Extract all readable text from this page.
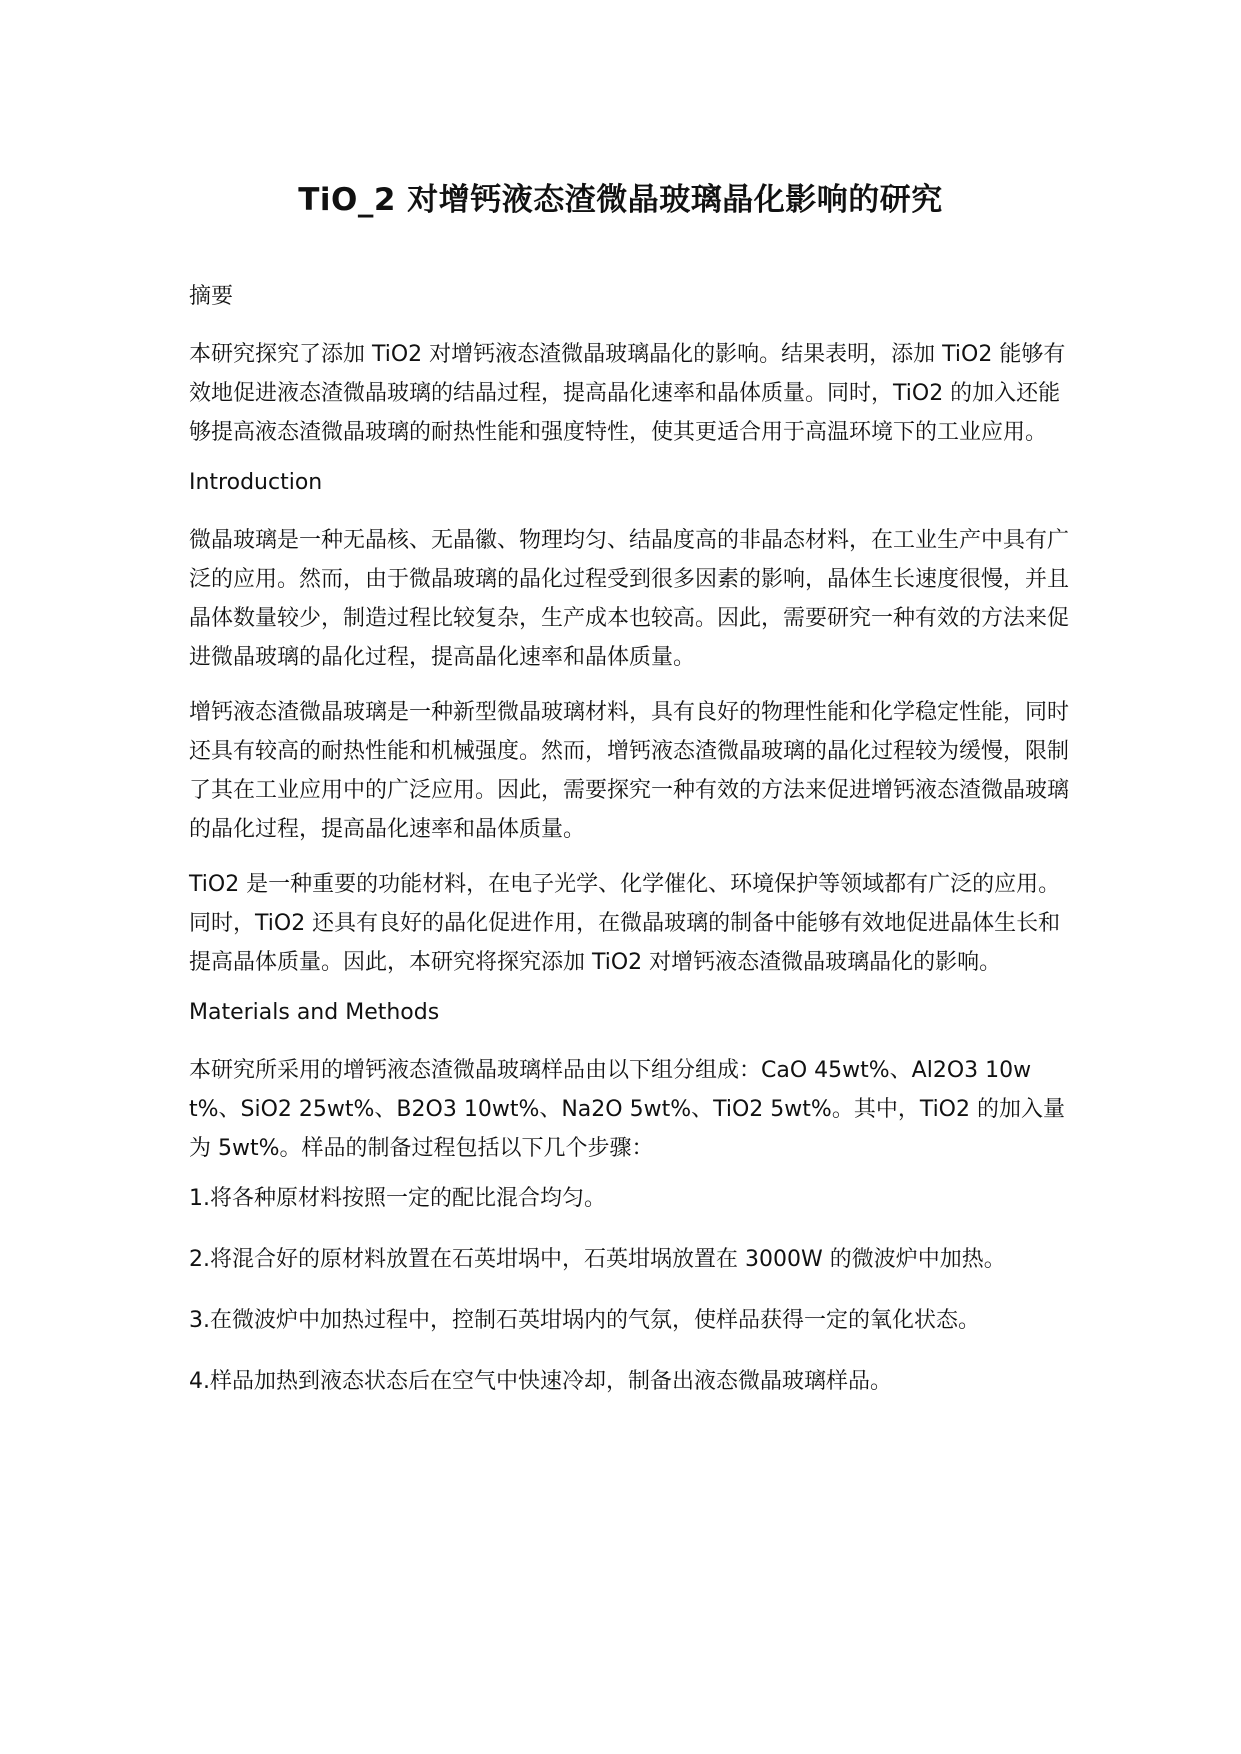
TiO_2 对增钙液态渣微晶玻璃晶化影响的研究
摘要

本研究探究了添加 TiO2 对增钙液态渣微晶玻璃晶化的影响。结果表明，添加 TiO2 能够有效地促进液态渣微晶玻璃的结晶过程，提高晶化速率和晶体质量。同时，TiO2 的加入还能够提高液态渣微晶玻璃的耐热性能和强度特性，使其更适合用于高温环境下的工业应用。

Introduction

微晶玻璃是一种无晶核、无晶徽、物理均匀、结晶度高的非晶态材料，在工业生产中具有广泛的应用。然而，由于微晶玻璃的晶化过程受到很多因素的影响，晶体生长速度很慢，并且晶体数量较少，制造过程比较复杂，生产成本也较高。因此，需要研究一种有效的方法来促进微晶玻璃的晶化过程，提高晶化速率和晶体质量。

增钙液态渣微晶玻璃是一种新型微晶玻璃材料，具有良好的物理性能和化学稳定性能，同时还具有较高的耐热性能和机械强度。然而，增钙液态渣微晶玻璃的晶化过程较为缓慢，限制了其在工业应用中的广泛应用。因此，需要探究一种有效的方法来促进增钙液态渣微晶玻璃的晶化过程，提高晶化速率和晶体质量。

TiO2 是一种重要的功能材料，在电子光学、化学催化、环境保护等领域都有广泛的应用。同时，TiO2 还具有良好的晶化促进作用，在微晶玻璃的制备中能够有效地促进晶体生长和提高晶体质量。因此，本研究将探究添加 TiO2 对增钙液态渣微晶玻璃晶化的影响。

Materials and Methods

本研究所采用的增钙液态渣微晶玻璃样品由以下组分组成：CaO 45wt%、Al2O3 10wt%、SiO2 25wt%、B2O3 10wt%、Na2O 5wt%、TiO2 5wt%。其中，TiO2 的加入量为 5wt%。样品的制备过程包括以下几个步骤：

1.将各种原材料按照一定的配比混合均匀。
2.将混合好的原材料放置在石英坩埚中，石英坩埚放置在 3000W 的微波炉中加热。
3.在微波炉中加热过程中，控制石英坩埚内的气氛，使样品获得一定的氧化状态。
4.样品加热到液态状态后在空气中快速冷却，制备出液态微晶玻璃样品。
